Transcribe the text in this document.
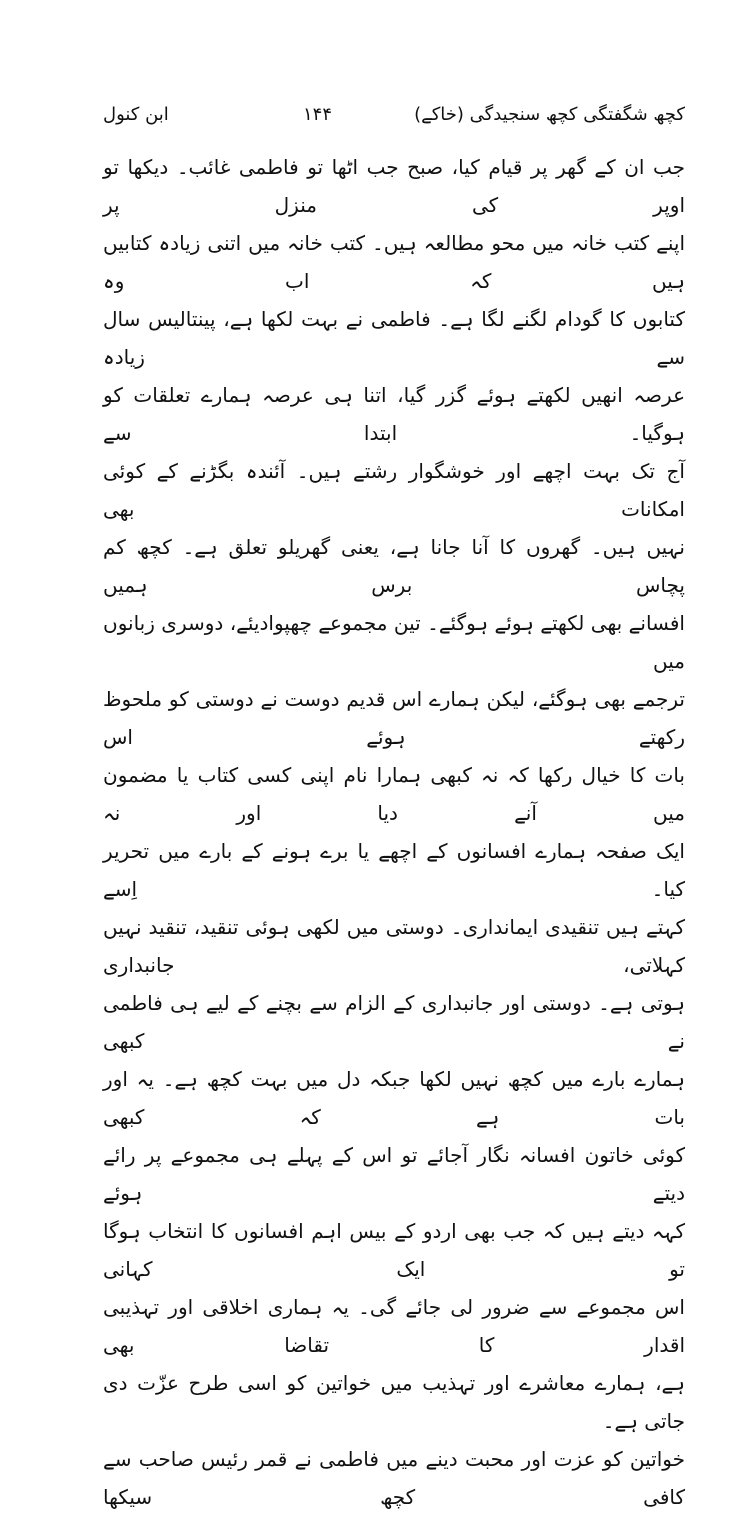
کچھ شگفتگی کچھ سنجیدگی (خاکے)
۱۴۴
ابن کنول
جب ان کے گھر پر قیام کیا، صبح جب اٹھا تو فاطمی غائب۔ دیکھا تو اوپر کی منزل پر
اپنے کتب خانہ میں محو مطالعہ ہیں۔ کتب خانہ میں اتنی زیادہ کتابیں ہیں کہ اب وہ
کتابوں کا گودام لگنے لگا ہے۔ فاطمی نے بہت لکھا ہے، پینتالیس سال سے زیادہ
عرصہ انھیں لکھتے ہوئے گزر گیا، اتنا ہی عرصہ ہمارے تعلقات کو ہوگیا۔ ابتدا سے
آج تک بہت اچھے اور خوشگوار رشتے ہیں۔ آئندہ بگڑنے کے کوئی امکانات بھی
نہیں ہیں۔ گھروں کا آنا جانا ہے، یعنی گھریلو تعلق ہے۔ کچھ کم پچاس برس ہمیں
افسانے بھی لکھتے ہوئے ہوگئے۔ تین مجموعے چھپوادیئے، دوسری زبانوں میں
ترجمے بھی ہوگئے، لیکن ہمارے اس قدیم دوست نے دوستی کو ملحوظ رکھتے ہوئے اس
بات کا خیال رکھا کہ نہ کبھی ہمارا نام اپنی کسی کتاب یا مضمون میں آنے دیا اور نہ
ایک صفحہ ہمارے افسانوں کے اچھے یا برے ہونے کے بارے میں تحریر کیا۔ اِسے
کہتے ہیں تنقیدی ایمانداری۔ دوستی میں لکھی ہوئی تنقید، تنقید نہیں کہلاتی، جانبداری
ہوتی ہے۔ دوستی اور جانبداری کے الزام سے بچنے کے لیے ہی فاطمی نے کبھی
ہمارے بارے میں کچھ نہیں لکھا جبکہ دل میں بہت کچھ ہے۔ یہ اور بات ہے کہ کبھی
کوئی خاتون افسانہ نگار آجائے تو اس کے پہلے ہی مجموعے پر رائے دیتے ہوئے
کہہ دیتے ہیں کہ جب بھی اردو کے بیس اہم افسانوں کا انتخاب ہوگا تو ایک کہانی
اس مجموعے سے ضرور لی جائے گی۔ یہ ہماری اخلاقی اور تہذیبی اقدار کا تقاضا بھی
ہے، ہمارے معاشرے اور تہذیب میں خواتین کو اسی طرح عزّت دی جاتی ہے۔
خواتین کو عزت اور محبت دینے میں فاطمی نے قمر رئیس صاحب سے کافی کچھ سیکھا
